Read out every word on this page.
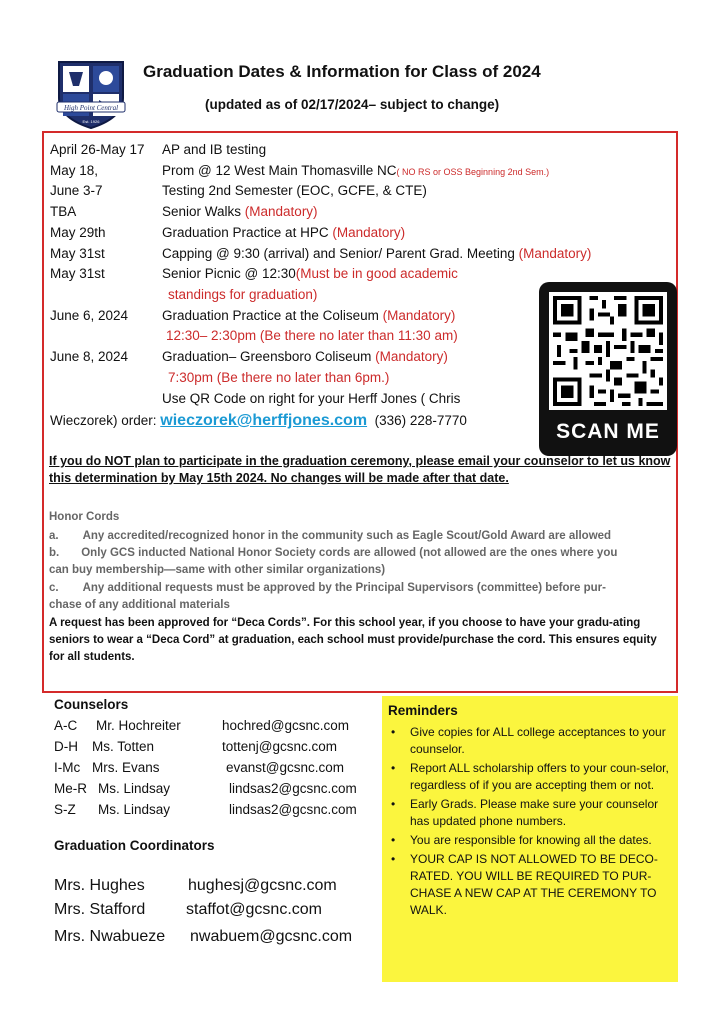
High Point Central
Est. 1926
Graduation Dates & Information for Class of 2024
(updated as of 02/17/2024– subject to change)
April 26-May 17 AP and IB testing
May 18,	Prom @ 12 West Main Thomasville NC( NO RS or OSS Beginning 2nd Sem.)
June 3-7	Testing 2nd Semester (EOC, GCFE, & CTE)
TBA	Senior Walks (Mandatory)
May 29th	Graduation Practice at HPC (Mandatory)
May 31st	Capping @ 9:30 (arrival) and Senior/ Parent Grad. Meeting (Mandatory)
May 31st	Senior Picnic @ 12:30(Must be in good academic
standings for graduation)
June 6, 2024	Graduation Practice at the Coliseum (Mandatory)
12:30– 2:30pm (Be there no later than 11:30 am)
June 8, 2024	Graduation– Greensboro Coliseum (Mandatory)
7:30pm (Be there no later than 6pm.)
Use QR Code on right for your Herff Jones ( Chris
Wieczorek) order: wieczorek@herffjones.com (336) 228-7770	SCAN ME
If you do NOT plan to participate in the graduation ceremony, please email your counselor to let us know this determination by May 15th 2024. No changes will be made after that date.
Honor Cords
a. Any accredited/recognized honor in the community such as Eagle Scout/Gold Award are allowed
b. Only GCS inducted National Honor Society cords are allowed (not allowed are the ones where you
can buy membership—same with other similar organizations)
c. Any additional requests must be approved by the Principal Supervisors (committee) before pur-
chase of any additional materials
A request has been approved for “Deca Cords”. For this school year, if you choose to have your gradu-ating seniors to wear a “Deca Cord” at graduation, each school must provide/purchase the cord. This ensures equity for all students.
Counselors
A-C Mr. Hochreiter	hochred@gcsnc.com
D-H Ms. Totten	tottenj@gcsnc.com
I-Mc Mrs. Evans	evanst@gcsnc.com
Me-R Ms. Lindsay	lindsas2@gcsnc.com
S-Z Ms. Lindsay	lindsas2@gcsnc.com
Graduation Coordinators
Mrs. Hughes	hughesj@gcsnc.com
Mrs. Stafford	staffot@gcsnc.com
Mrs. Nwabueze nwabuem@gcsnc.com
Reminders
• Give copies for ALL college acceptances to your counselor.
• Report ALL scholarship offers to your coun-selor, regardless of if you are accepting them or not.
• Early Grads. Please make sure your counselor has updated phone numbers.
• You are responsible for knowing all the dates.
• YOUR CAP IS NOT ALLOWED TO BE DECO-RATED. YOU WILL BE REQUIRED TO PUR-CHASE A NEW CAP AT THE CEREMONY TO WALK.
